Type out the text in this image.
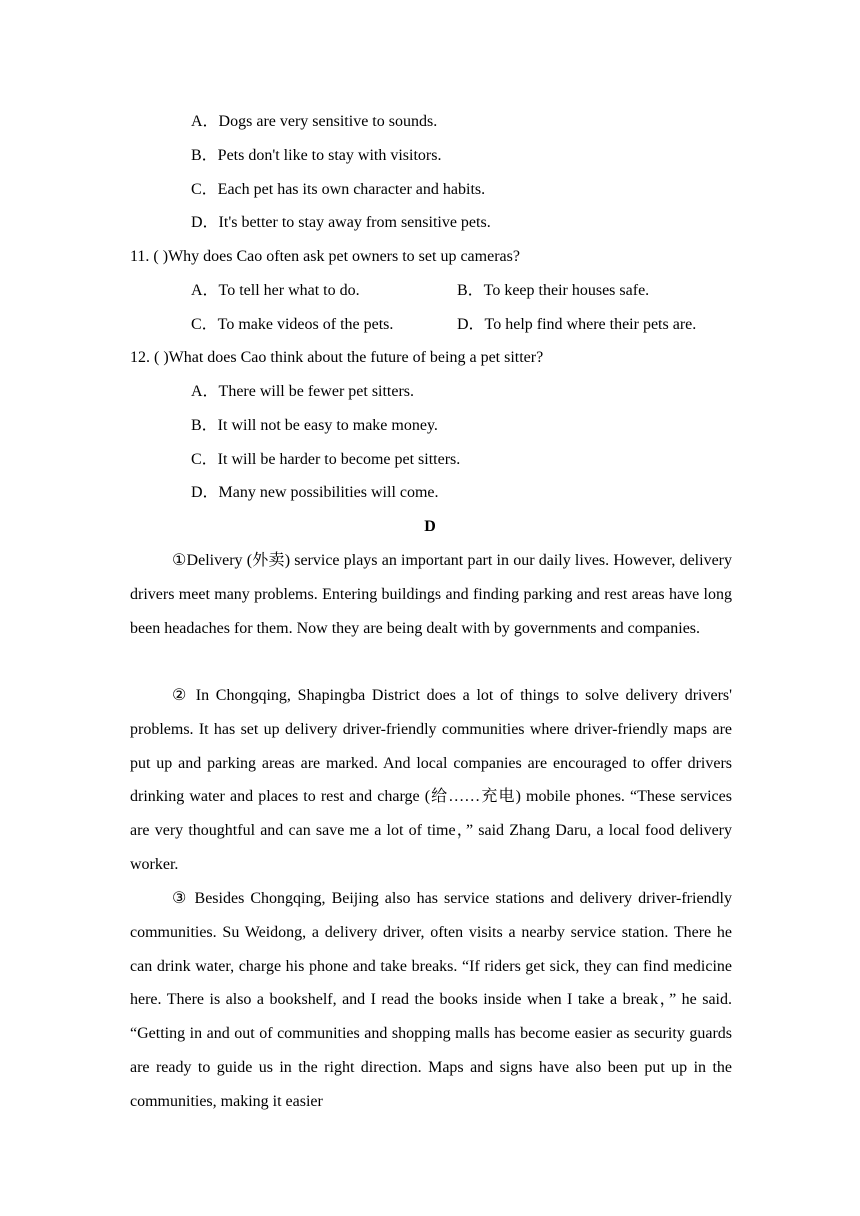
A．Dogs are very sensitive to sounds.
B．Pets don't like to stay with visitors.
C．Each pet has its own character and habits.
D．It's better to stay away from sensitive pets.
11. ( )Why does Cao often ask pet owners to set up cameras?
A．To tell her what to do.	B．To keep their houses safe.
C．To make videos of the pets.	D．To help find where their pets are.
12. ( )What does Cao think about the future of being a pet sitter?
A．There will be fewer pet sitters.
B．It will not be easy to make money.
C．It will be harder to become pet sitters.
D．Many new possibilities will come.
D

①Delivery (外卖) service plays an important part in our daily lives. However, delivery drivers meet many problems. Entering buildings and finding parking and rest areas have long been headaches for them. Now they are being dealt with by governments and companies.

② In Chongqing, Shapingba District does a lot of things to solve delivery drivers' problems. It has set up delivery driver-friendly communities where driver-friendly maps are put up and parking areas are marked. And local companies are encouraged to offer drivers drinking water and places to rest and charge (给……充电) mobile phones. “These services are very thoughtful and can save me a lot of time，” said Zhang Daru, a local food delivery worker.

③ Besides Chongqing, Beijing also has service stations and delivery driver-friendly communities. Su Weidong, a delivery driver, often visits a nearby service station. There he can drink water, charge his phone and take breaks. “If riders get sick, they can find medicine here. There is also a bookshelf, and I read the books inside when I take a break，” he said. “Getting in and out of communities and shopping malls has become easier as security guards are ready to guide us in the right direction. Maps and signs have also been put up in the communities, making it easier
